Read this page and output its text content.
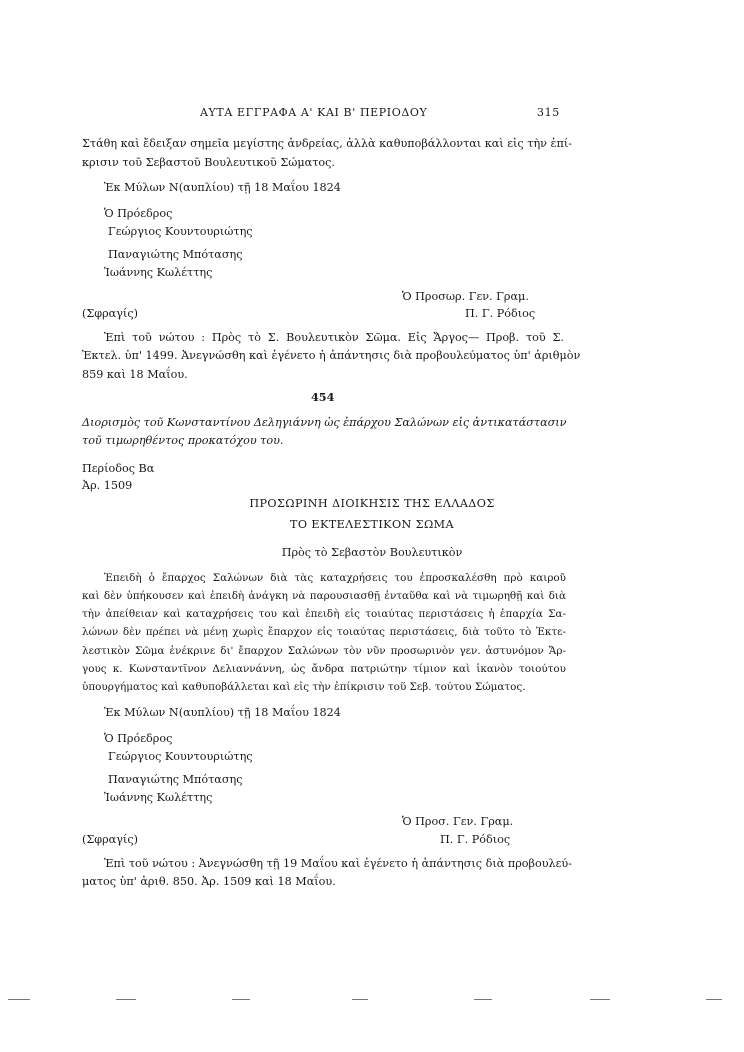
ΑΥΤΑ ΕΓΓΡΑΦΑ Α' ΚΑΙ Β' ΠΕΡΙΟΔΟΥ	315
Στάθη καὶ ἔδειξαν σημεῖα μεγίστης ἀνδρείας, ἀλλὰ καθυποβάλλονται καὶ εἰς τὴν ἐπί-
κρισιν τοῦ Σεβαστοῦ Βουλευτικοῦ Σώματος.
Ἐκ Μύλων Ν(αυπλίου) τῇ 18 Μαΐου 1824
Ὁ Πρόεδρος
Γεώργιος Κουντουριώτης
Παναγιώτης Μπότασης
Ἰωάννης Κωλέττης
Ὁ Προσωρ. Γεν. Γραμ.
(Σφραγίς)	Π. Γ. Ρόδιος
Ἐπὶ τοῦ νώτου : Πρὸς τὸ Σ. Βουλευτικὸν Σῶμα. Εἰς Ἄργος— Προβ. τοῦ Σ.
Ἐκτελ. ὑπ' 1499. Ἀνεγνώσθη καὶ ἐγένετο ἡ ἀπάντησις διὰ προβουλεύματος ὑπ' ἀριθμὸν
859 καὶ 18 Μαΐου.
454
Διορισμὸς τοῦ Κωνσταντίνου Δεληγιάννη ὡς ἐπάρχου Σαλώνων εἰς ἀντικατάστασιν
τοῦ τιμωρηθέντος προκατόχου του.
Περίοδος Βα
Ἀρ. 1509
ΠΡΟΣΩΡΙΝΗ ΔΙΟΙΚΗΣΙΣ ΤΗΣ ΕΛΛΑΔΟΣ
ΤΟ ΕΚΤΕΛΕΣΤΙΚΟΝ ΣΩΜΑ
Πρὸς τὸ Σεβαστὸν Βουλευτικὸν
Ἐπειδὴ ὁ ἔπαρχος Σαλώνων διὰ τὰς καταχρήσεις του ἐπροσκαλέσθη πρὸ καιροῦ
καὶ δὲν ὑπήκουσεν καὶ ἐπειδὴ ἀνάγκη νὰ παρουσιασθῇ ἐνταῦθα καὶ νὰ τιμωρηθῇ καὶ διὰ
τὴν ἀπείθειαν καὶ καταχρήσεις του καὶ ἐπειδὴ εἰς τοιαύτας περιστάσεις ἡ ἐπαρχία Σα-
λώνων δὲν πρέπει νὰ μένῃ χωρὶς ἔπαρχον εἰς τοιαύτας περιστάσεις, διὰ τοῦτο τὸ Ἐκτε-
λεστικὸν Σῶμα ἐνέκρινε δι' ἔπαρχον Σαλώνων τὸν νῦν προσωρινὸν γεν. ἀστυνόμον Ἄρ-
γους κ. Κωνσταντῖνον Δελιαννάννη, ὡς ἄνδρα πατριώτην τίμιον καὶ ἱκανὸν τοιούτου
ὑπουργήματος καὶ καθυποβάλλεται καὶ εἰς τὴν ἐπίκρισιν τοῦ Σεβ. τούτου Σώματος.
Ἐκ Μύλων Ν(αυπλίου) τῇ 18 Μαΐου 1824
Ὁ Πρόεδρος
Γεώργιος Κουντουριώτης
Παναγιώτης Μπότασης
Ἰωάννης Κωλέττης
Ὁ Προσ. Γεν. Γραμ.
(Σφραγίς)	Π. Γ. Ρόδιος
Ἐπὶ τοῦ νώτου : Ἀνεγνώσθη τῇ 19 Μαΐου καὶ ἐγένετο ἡ ἀπάντησις διὰ προβουλεύ-
ματος ὑπ' ἀριθ. 850. Ἀρ. 1509 καὶ 18 Μαΐου.
